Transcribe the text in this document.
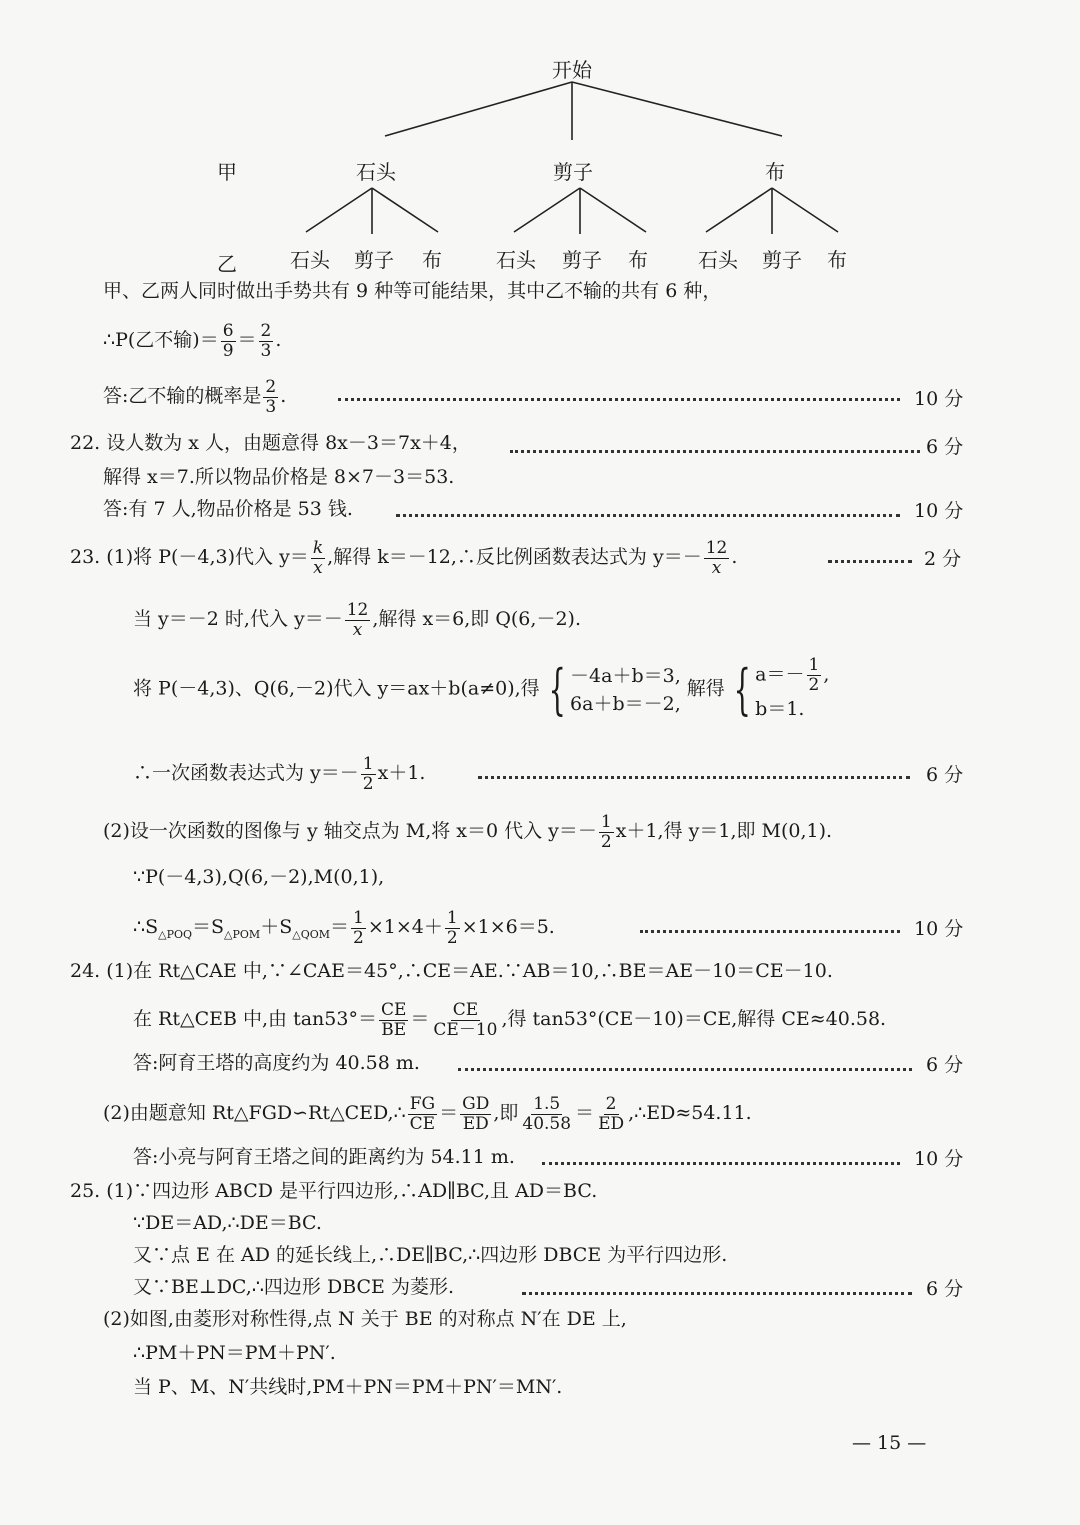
开始
甲	石头	剪子	布
乙	石头 剪子 布	石头 剪子 布	石头 剪子 布
甲、乙两人同时做出手势共有 9 种等可能结果，其中乙不输的共有 6 种，
∴P(乙不输)＝ $\frac{6}{9} = \frac{2}{3}$ .
答:乙不输的概率是 $\frac{2}{3}$ .	10 分
22. 设人数为 x 人，由题意得 8x－3＝7x＋4，	6 分
解得 x＝7.所以物品价格是 8×7－3＝53.
答:有 7 人,物品价格是 53 钱.	10 分
23. (1)将 P(－4,3)代入 $y= \frac{k}{x}$ ,解得 k＝－12,∴反比例函数表达式为 $y=- \frac{12}{x}$ .	2 分
当 y＝－2 时,代入 $y=- \frac{12}{x}$ ,解得 x＝6,即 Q(6,－2).
将 P(－4,3)、Q(6,－2)代入 y＝ax＋b(a≠0),得 { －4a＋b＝3,
6a＋b＝－2,
解得 { $a=- \frac{1}{2}$ ,
b＝1.
∴一次函数表达式为 $y=- \frac{1}{2} x+1$.	6 分
(2)设一次函数的图像与 y 轴交点为 M,将 x＝0 代入 $y=- \frac{1}{2} x+1$,得 y＝1,即 M(0,1).
∵P(－4,3),Q(6,－2),M(0,1),
$\therefore S_{\triangle POQ}=S_{\triangle POM}+S_{\triangle QOM}= \frac{1}{2} \times 1\times 4+ \frac{1}{2} \times 1\times 6=5$.	10 分
24. (1)在 Rt△CAE 中,∵∠CAE＝45°,∴CE＝AE.∵AB＝10,∴BE＝AE－10＝CE－10.
在 Rt△CEB 中,由 $\tan 53^\circ= \frac{CE}{BE} = \frac{CE}{CE-10}$ ,得 tan53°(CE－10)＝CE,解得 CE≈40.58.
答:阿育王塔的高度约为 40.58 m.	6 分
(2)由题意知 Rt△FGD∽Rt△CED,∴ $\frac{FG}{CE} = \frac{GD}{ED}$ ,即 $\frac{1.5}{40.58} = \frac{2}{ED}$ ,∴ED≈54.11.
答:小亮与阿育王塔之间的距离约为 54.11 m.	10 分
25. (1)∵四边形 ABCD 是平行四边形,∴AD∥BC,且 AD＝BC.
∵DE＝AD,∴DE＝BC.
又∵点 E 在 AD 的延长线上,∴DE∥BC,∴四边形 DBCE 为平行四边形.
又∵BE⊥DC,∴四边形 DBCE 为菱形.	6 分
(2)如图,由菱形对称性得,点 N 关于 BE 的对称点 N′在 DE 上,
∴PM＋PN＝PM＋PN′.
当 P、M、N′共线时,PM＋PN＝PM＋PN′＝MN′.
— 15 —
